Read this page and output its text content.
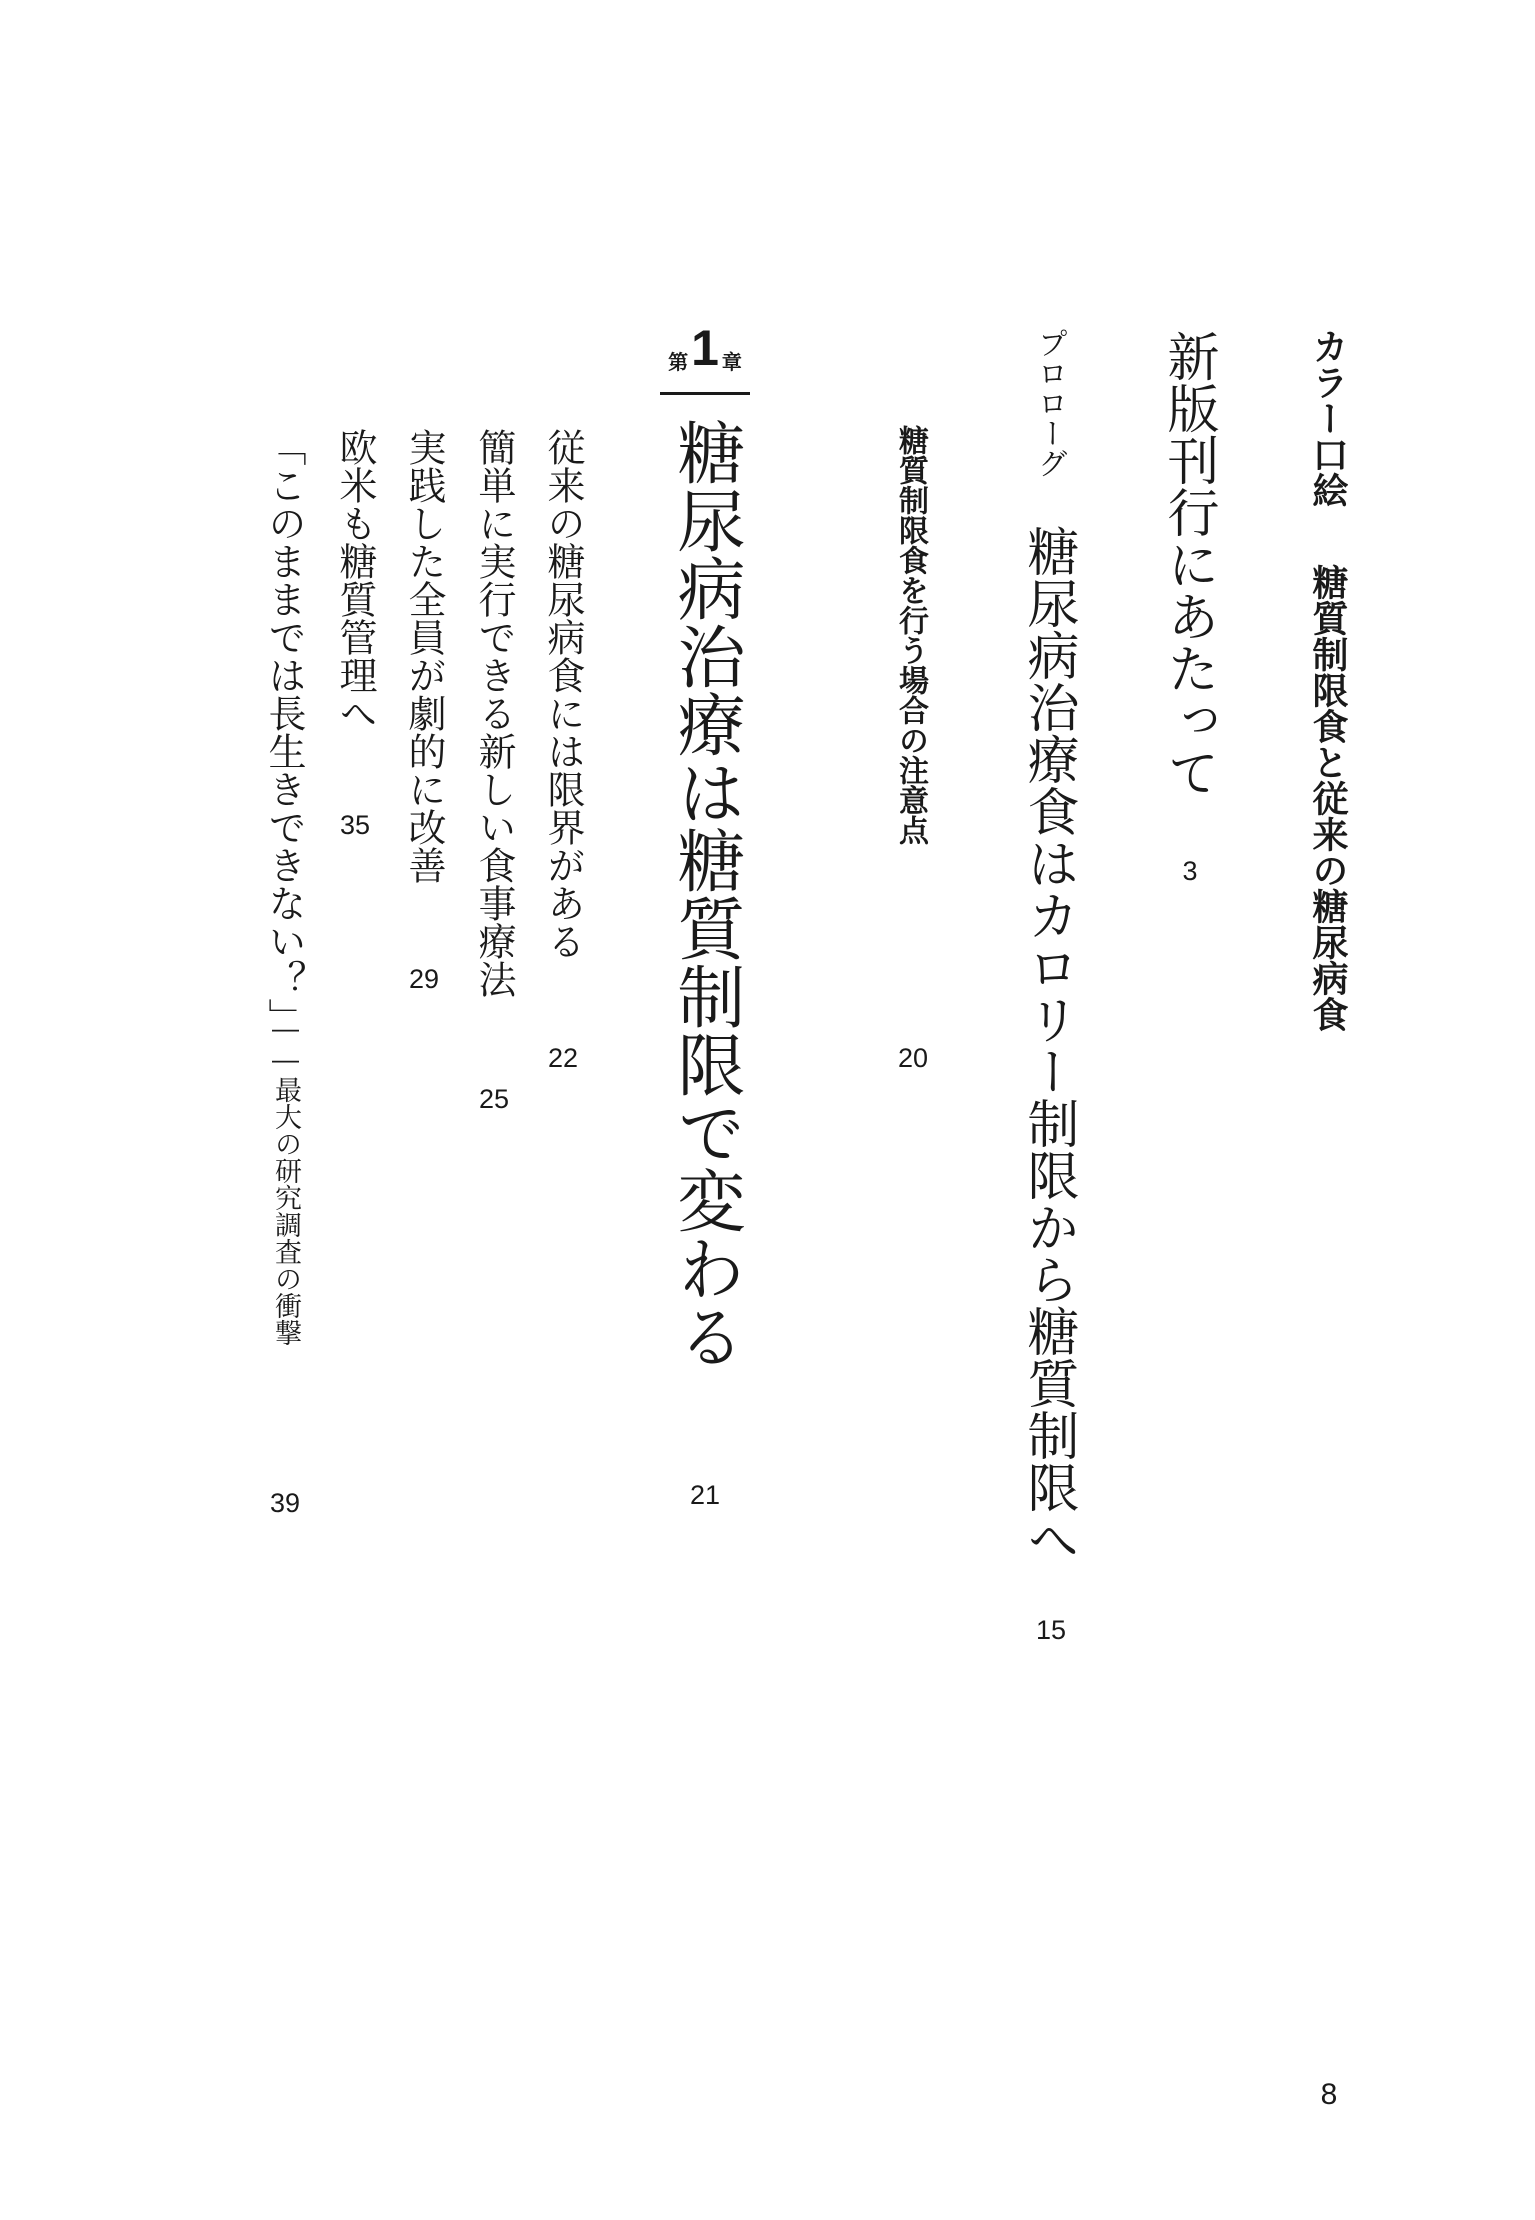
カラー口絵
糖質制限食と従来の糖尿病食
新版刊行にあたって
3
プロローグ
糖尿病治療食はカロリー制限から糖質制限へ
15
糖質制限食を行う場合の注意点
20
第 1 章
糖尿病治療は糖質制限で変わる
21
従来の糖尿病食には限界がある
22
簡単に実行できる新しい食事療法
25
実践した全員が劇的に改善
29
欧米も糖質管理へ
35
「このままでは長生きできない？」
――最大の研究調査の衝撃
39
8
